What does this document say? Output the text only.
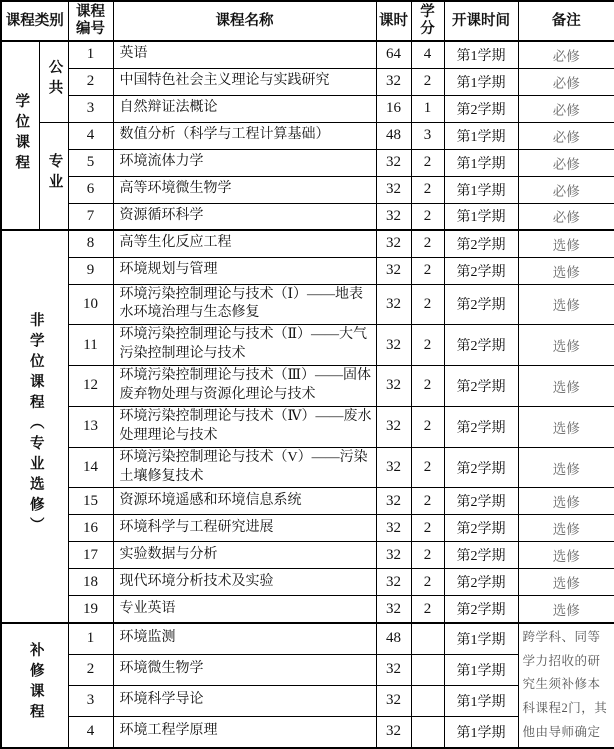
课程类别		课程编号	课程名称	课时	学分	开课时间	备注
学位课程	公共	1	英语	64	4	第1学期	必修
		2	中国特色社会主义理论与实践研究	32	2	第1学期	必修
		3	自然辩证法概论	16	1	第2学期	必修
	专业	4	数值分析（科学与工程计算基础）	48	3	第1学期	必修
		5	环境流体力学	32	2	第1学期	必修
		6	高等环境微生物学	32	2	第1学期	必修
		7	资源循环科学	32	2	第1学期	必修
非学位课程（专业选修）		8	高等生化反应工程	32	2	第2学期	选修
		9	环境规划与管理	32	2	第2学期	选修
		10	环境污染控制理论与技术（Ⅰ）——地表水环境治理与生态修复	32	2	第2学期	选修
		11	环境污染控制理论与技术（Ⅱ）——大气污染控制理论与技术	32	2	第2学期	选修
		12	环境污染控制理论与技术（Ⅲ）——固体废弃物处理与资源化理论与技术	32	2	第2学期	选修
		13	环境污染控制理论与技术（Ⅳ）——废水处理理论与技术	32	2	第2学期	选修
		14	环境污染控制理论与技术（V）——污染土壤修复技术	32	2	第2学期	选修
		15	资源环境遥感和环境信息系统	32	2	第2学期	选修
		16	环境科学与工程研究进展	32	2	第2学期	选修
		17	实验数据与分析	32	2	第2学期	选修
		18	现代环境分析技术及实验	32	2	第2学期	选修
		19	专业英语	32	2	第2学期	选修
补修课程		1	环境监测	48		第1学期	跨学科、同等学力招收的研究生须补修本科课程2门，其他由导师确定
		2	环境微生物学	32		第1学期	
		3	环境科学导论	32		第1学期	
		4	环境工程学原理	32		第1学期	
